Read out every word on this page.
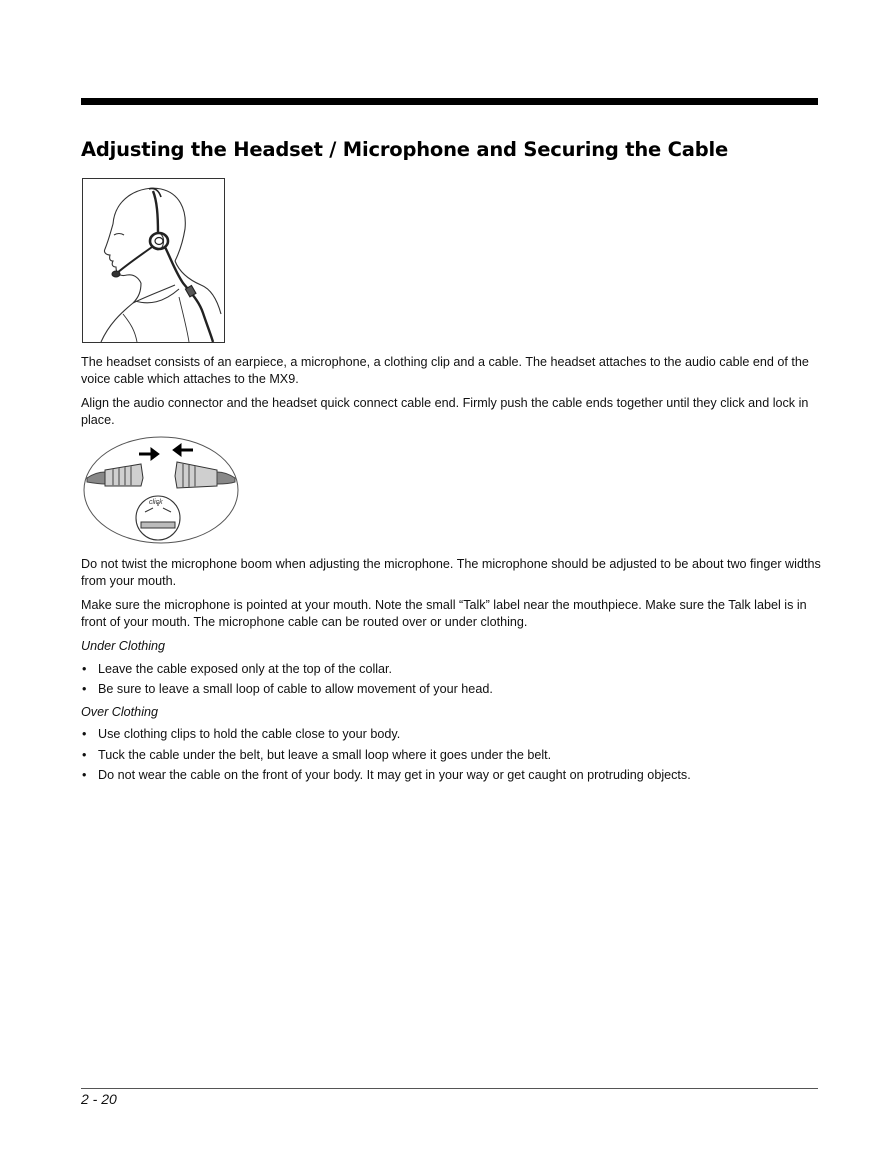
Adjusting the Headset / Microphone and Securing the Cable

The headset consists of an earpiece, a microphone, a clothing clip and a cable. The headset attaches to the audio cable end of the voice cable which attaches to the MX9.

Align the audio connector and the headset quick connect cable end. Firmly push the cable ends together until they click and lock in place.

click

Do not twist the microphone boom when adjusting the microphone. The microphone should be adjusted to be about two finger widths from your mouth.

Make sure the microphone is pointed at your mouth. Note the small “Talk” label near the mouthpiece. Make sure the Talk label is in front of your mouth. The microphone cable can be routed over or under clothing.

Under Clothing

• Leave the cable exposed only at the top of the collar.
• Be sure to leave a small loop of cable to allow movement of your head.

Over Clothing

• Use clothing clips to hold the cable close to your body.
• Tuck the cable under the belt, but leave a small loop where it goes under the belt.
• Do not wear the cable on the front of your body. It may get in your way or get caught on protruding objects.
2 - 20
